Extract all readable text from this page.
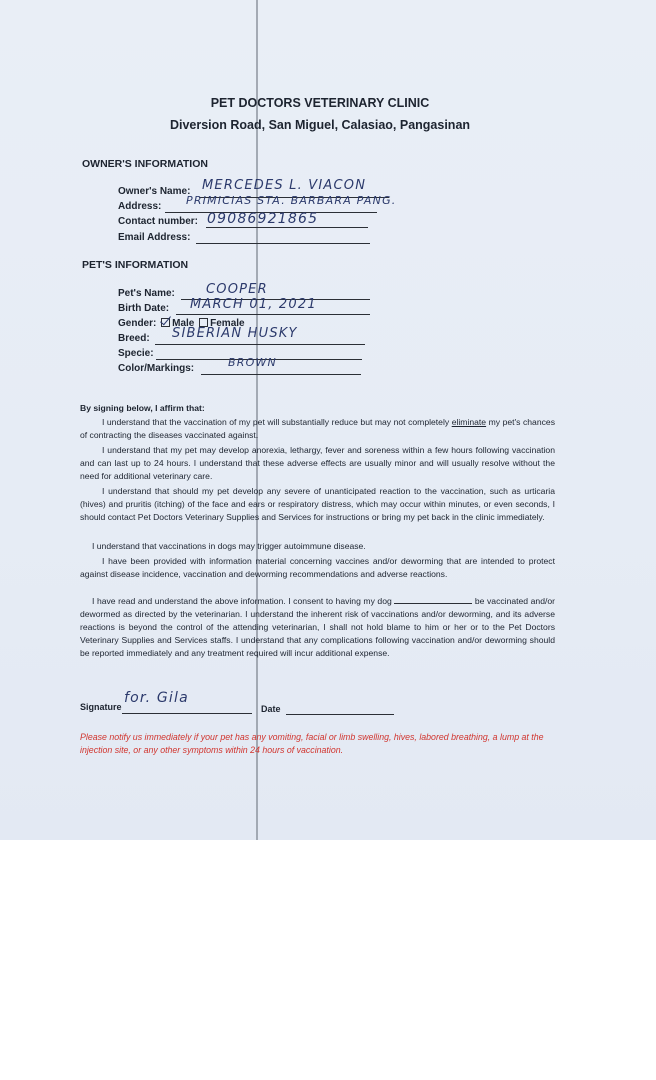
PET DOCTORS VETERINARY CLINIC
Diversion Road, San Miguel, Calasiao, Pangasinan
OWNER'S INFORMATION
Owner's Name: MERCEDES L. VIACON
Address: PRIMICIAS STA. BARBARA PANG.
Contact number: 09086921865
Email Address:
PET'S INFORMATION
Pet's Name: COOPER
Birth Date: MARCH 01, 2021
Gender: Male Female
Breed: SIBERIAN HUSKY
Specie:
Color/Markings:	BROWN
By signing below, I affirm that:
I understand that the vaccination of my pet will substantially reduce but may not completely eliminate my pet's chances of contracting the diseases vaccinated against.
I understand that my pet may develop anorexia, lethargy, fever and soreness within a few hours following vaccination and can last up to 24 hours. I understand that these adverse effects are usually minor and will usually resolve without the need for additional veterinary care.
I understand that should my pet develop any severe of unanticipated reaction to the vaccination, such as urticaria (hives) and pruritis (itching) of the face and ears or respiratory distress, which may occur within minutes, or even seconds, I should contact Pet Doctors Veterinary Supplies and Services for instructions or bring my pet back in the clinic immediately.
I understand that vaccinations in dogs may trigger autoimmune disease.
I have been provided with information material concerning vaccines and/or deworming that are intended to protect against disease incidence, vaccination and deworming recommendations and adverse reactions.
I have read and understand the above information. I consent to having my dog	be vaccinated and/or dewormed as directed by the veterinarian. I understand the inherent risk of vaccinations and/or deworming, and its adverse reactions is beyond the control of the attending veterinarian, I shall not hold blame to him or her or to the Pet Doctors Veterinary Supplies and Services staffs. I understand that any complications following vaccination and/or deworming should be reported immediately and any treatment required will incur additional expense.
Signature
for. Gila
Date
Please notify us immediately if your pet has any vomiting, facial or limb swelling, hives, labored breathing, a lump at the injection site, or any other symptoms within 24 hours of vaccination.
